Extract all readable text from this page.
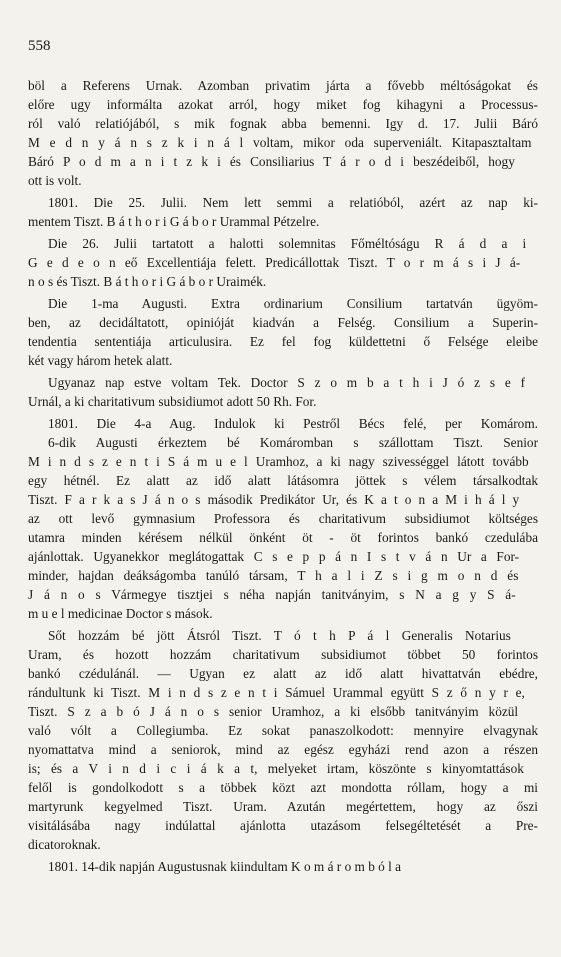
558
böl a Referens Urnak. Azomban privatim járta a fővebb méltóságokat és
előre ugy informálta azokat arról, hogy miket fog kihagyni a Processus-
ról való relatiójából, s mik fognak abba bemenni. Igy d. 17. Julii Báró
M e d n y á n s z k i n á l voltam, mikor oda superveniált. Kitapasztaltam
Báró P o d m a n i t z k i és Consiliarius T á r o d i beszédeiből, hogy
ott is volt.
1801. Die 25. Julii. Nem lett semmi a relatióból, azért az nap ki-
mentem Tiszt. B á t h o r i G á b o r Urammal Pétzelre.
Die 26. Julii tartatott a halotti solemnitas Főméltóságu R á d a i
G e d e o n eő Excellentiája felett. Predicállottak Tiszt. T o r m á s i J á-
n o s és Tiszt. B á t h o r i G á b o r Uraimék.
Die 1-ma Augusti. Extra ordinarium Consilium tartatván ügyöm-
ben, az decidáltatott, opinióját kiadván a Felség. Consilium a Superin-
tendentia sententiája articulusira. Ez fel fog küldettetni ő Felsége eleibe
két vagy három hetek alatt.
Ugyanaz nap estve voltam Tek. Doctor S z o m b a t h i J ó z s e f
Urnál, a ki charitativum subsidiumot adott 50 Rh. For.
1801. Die 4-a Aug. Indulok ki Pestről Bécs felé, per Komárom.
6-dik Augusti érkeztem bé Komáromban s szállottam Tiszt. Senior
M i n d s z e n t i S á m u e l Uramhoz, a ki nagy szivességgel látott tovább
egy hétnél. Ez alatt az idő alatt látásomra jöttek s vélem társalkodtak
Tiszt. F a r k a s J á n o s második Predikátor Ur, és K a t o n a M i h á l y
az ott levő gymnasium Professora és charitativum subsidiumot költséges
utamra minden kérésem nélkül önként öt - öt forintos bankó czedulába
ajánlottak. Ugyanekkor meglátogattak C s e p p á n I s t v á n Ur a For-
minder, hajdan deákságomba tanúló társam, T h a l i Z s i g m o n d és
J á n o s Vármegye tisztjei s néha napján tanitványim, s N a g y S á-
m u e l medicinae Doctor s mások.
Sőt hozzám bé jött Átsról Tiszt. T ó t h P á l Generalis Notarius
Uram, és hozott hozzám charitativum subsidiumot többet 50 forintos
bankó czédulánál. — Ugyan ez alatt az idő alatt hivattatván ebédre,
rándultunk ki Tiszt. M i n d s z e n t i Sámuel Urammal együtt S z ő n y r e,
Tiszt. S z a b ó J á n o s senior Uramhoz, a ki elsőbb tanitványim közül
való vólt a Collegiumba. Ez sokat panaszolkodott: mennyire elvagynak
nyomattatva mind a seniorok, mind az egész egyházi rend azon a részen
is; és a V i n d i c i á k a t, melyeket irtam, köszönte s kinyomtattások
felől is gondolkodott s a többek közt azt mondotta róllam, hogy a mi
martyrunk kegyelmed Tiszt. Uram. Azután megértettem, hogy az őszi
visitálásába nagy indúlattal ajánlotta utazásom felsegéltetését a Pre-
dicatoroknak.
1801. 14-dik napján Augustusnak kiindultam K o m á r o m b ó l a
